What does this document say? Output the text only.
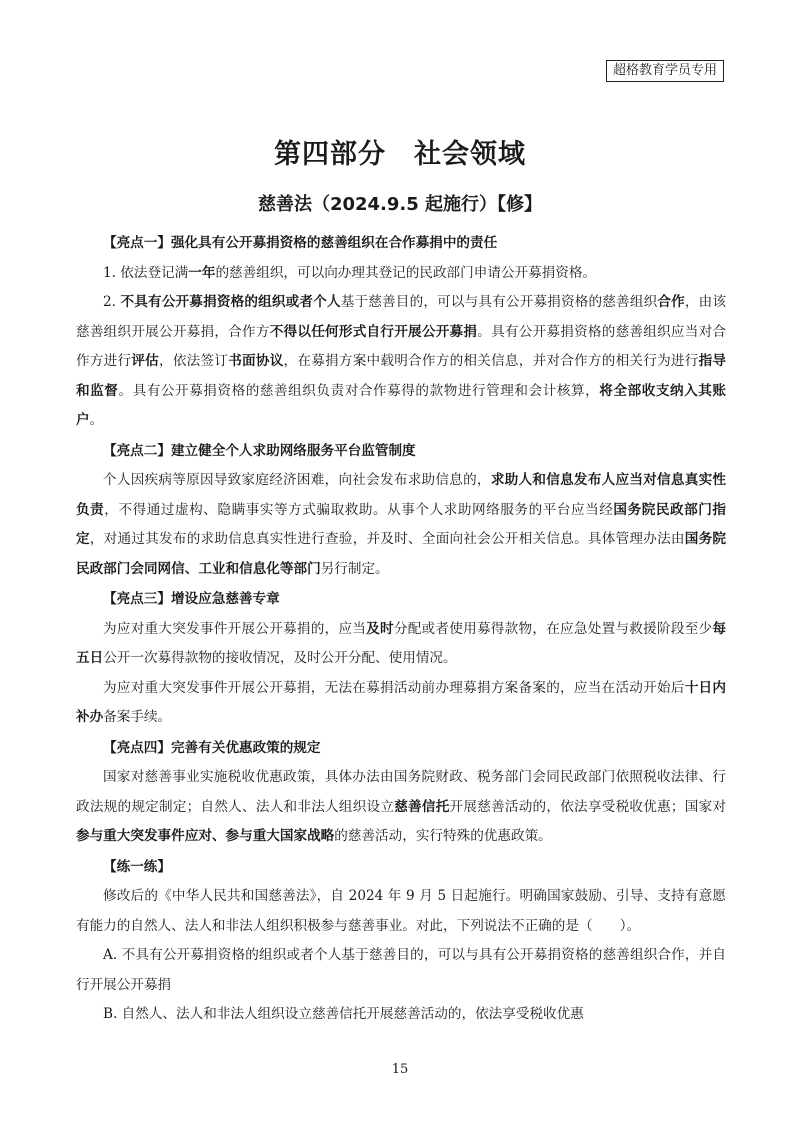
超格教育学员专用
第四部分　社会领域
慈善法（2024.9.5 起施行）【修】

【亮点一】强化具有公开募捐资格的慈善组织在合作募捐中的责任

1. 依法登记满一年的慈善组织，可以向办理其登记的民政部门申请公开募捐资格。

2. 不具有公开募捐资格的组织或者个人基于慈善目的，可以与具有公开募捐资格的慈善组织合作，由该慈善组织开展公开募捐，合作方不得以任何形式自行开展公开募捐。具有公开募捐资格的慈善组织应当对合作方进行评估，依法签订书面协议，在募捐方案中载明合作方的相关信息，并对合作方的相关行为进行指导和监督。具有公开募捐资格的慈善组织负责对合作募得的款物进行管理和会计核算，将全部收支纳入其账户。

【亮点二】建立健全个人求助网络服务平台监管制度

个人因疾病等原因导致家庭经济困难，向社会发布求助信息的，求助人和信息发布人应当对信息真实性负责，不得通过虚构、隐瞒事实等方式骗取救助。从事个人求助网络服务的平台应当经国务院民政部门指定，对通过其发布的求助信息真实性进行查验，并及时、全面向社会公开相关信息。具体管理办法由国务院民政部门会同网信、工业和信息化等部门另行制定。

【亮点三】增设应急慈善专章

为应对重大突发事件开展公开募捐的，应当及时分配或者使用募得款物，在应急处置与救援阶段至少每五日公开一次募得款物的接收情况，及时公开分配、使用情况。

为应对重大突发事件开展公开募捐，无法在募捐活动前办理募捐方案备案的，应当在活动开始后十日内补办备案手续。

【亮点四】完善有关优惠政策的规定

国家对慈善事业实施税收优惠政策，具体办法由国务院财政、税务部门会同民政部门依照税收法律、行政法规的规定制定；自然人、法人和非法人组织设立慈善信托开展慈善活动的，依法享受税收优惠；国家对参与重大突发事件应对、参与重大国家战略的慈善活动，实行特殊的优惠政策。

【练一练】

修改后的《中华人民共和国慈善法》，自 2024 年 9 月 5 日起施行。明确国家鼓励、引导、支持有意愿有能力的自然人、法人和非法人组织积极参与慈善事业。对此，下列说法不正确的是（　　）。

A. 不具有公开募捐资格的组织或者个人基于慈善目的，可以与具有公开募捐资格的慈善组织合作，并自行开展公开募捐

B. 自然人、法人和非法人组织设立慈善信托开展慈善活动的，依法享受税收优惠

15
